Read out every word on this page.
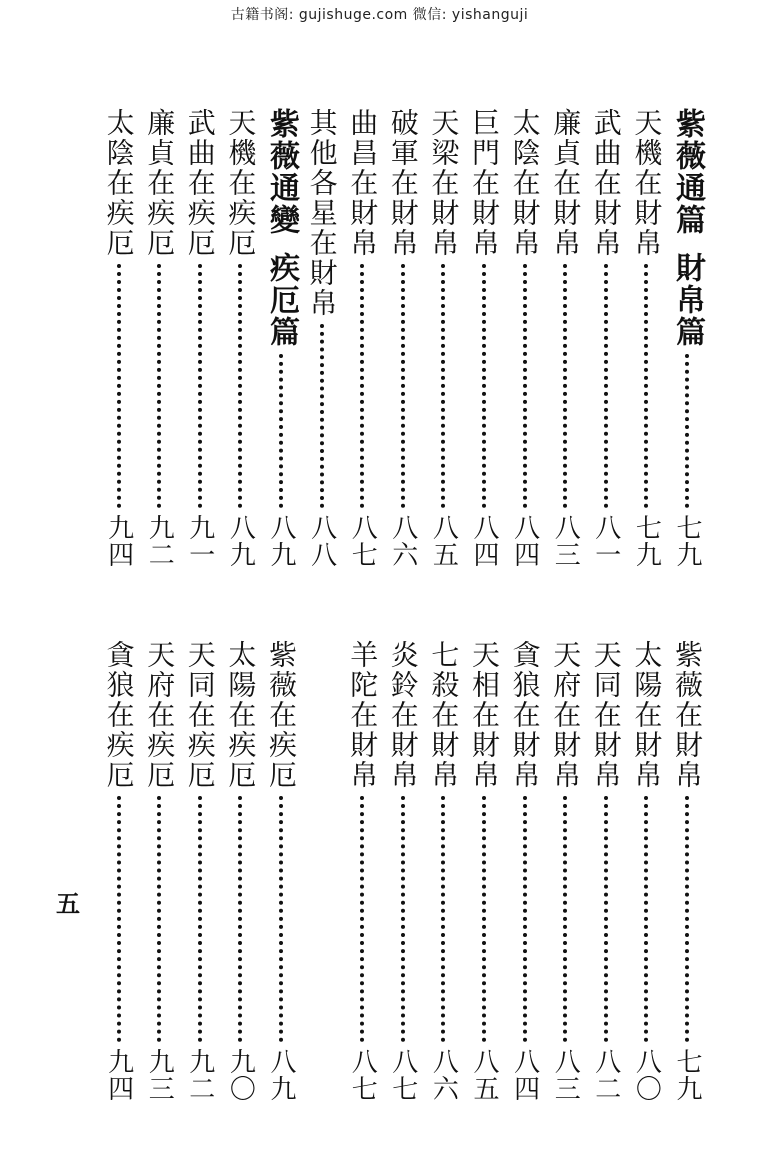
古籍书阁: gujishuge.com 微信: yishanguji
紫薇通篇
財帛篇
七九
天機在財帛
七九
武曲在財帛
八一
廉貞在財帛
八三
太陰在財帛
八四
巨門在財帛
八四
天梁在財帛
八五
破軍在財帛
八六
曲昌在財帛
八七
其他各星在財帛
八八
紫薇通變
疾厄篇
八九
天機在疾厄
八九
武曲在疾厄
九一
廉貞在疾厄
九二
太陰在疾厄
九四
紫薇在財帛
七九
太陽在財帛
八〇
天同在財帛
八二
天府在財帛
八三
貪狼在財帛
八四
天相在財帛
八五
七殺在財帛
八六
炎鈴在財帛
八七
羊陀在財帛
八七
紫薇在疾厄
八九
太陽在疾厄
九〇
天同在疾厄
九二
天府在疾厄
九三
貪狼在疾厄
九四
五
